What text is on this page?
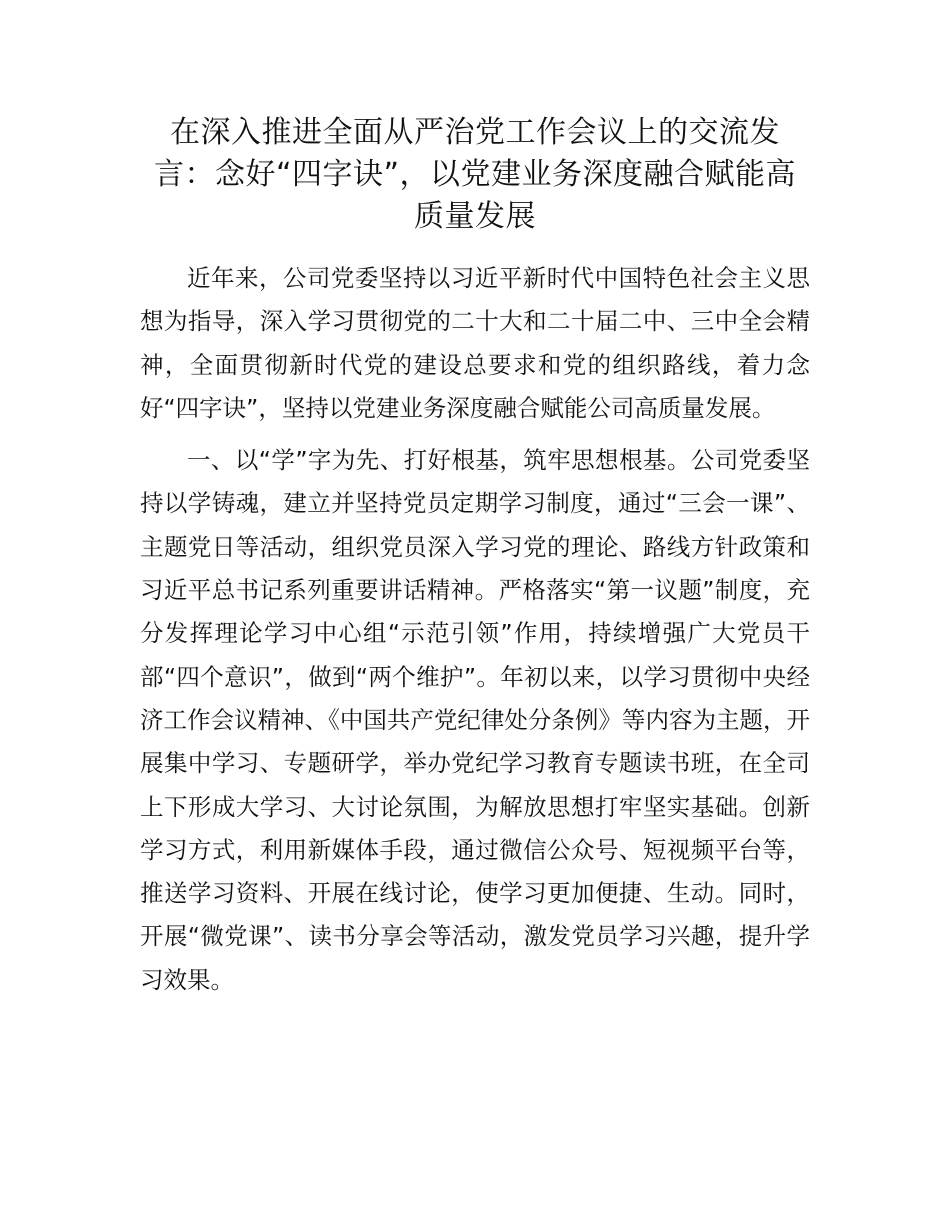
在深入推进全面从严治党工作会议上的交流发言：念好“四字诀”，以党建业务深度融合赋能高质量发展

近年来，公司党委坚持以习近平新时代中国特色社会主义思想为指导，深入学习贯彻党的二十大和二十届二中、三中全会精神，全面贯彻新时代党的建设总要求和党的组织路线，着力念好“四字诀”，坚持以党建业务深度融合赋能公司高质量发展。

一、以“学”字为先、打好根基，筑牢思想根基。公司党委坚持以学铸魂，建立并坚持党员定期学习制度，通过“三会一课”、主题党日等活动，组织党员深入学习党的理论、路线方针政策和习近平总书记系列重要讲话精神。严格落实“第一议题”制度，充分发挥理论学习中心组“示范引领”作用，持续增强广大党员干部“四个意识”，做到“两个维护”。年初以来，以学习贯彻中央经济工作会议精神、《中国共产党纪律处分条例》等内容为主题，开展集中学习、专题研学，举办党纪学习教育专题读书班，在全司上下形成大学习、大讨论氛围，为解放思想打牢坚实基础。创新学习方式，利用新媒体手段，通过微信公众号、短视频平台等，推送学习资料、开展在线讨论，使学习更加便捷、生动。同时，开展“微党课”、读书分享会等活动，激发党员学习兴趣，提升学习效果。
